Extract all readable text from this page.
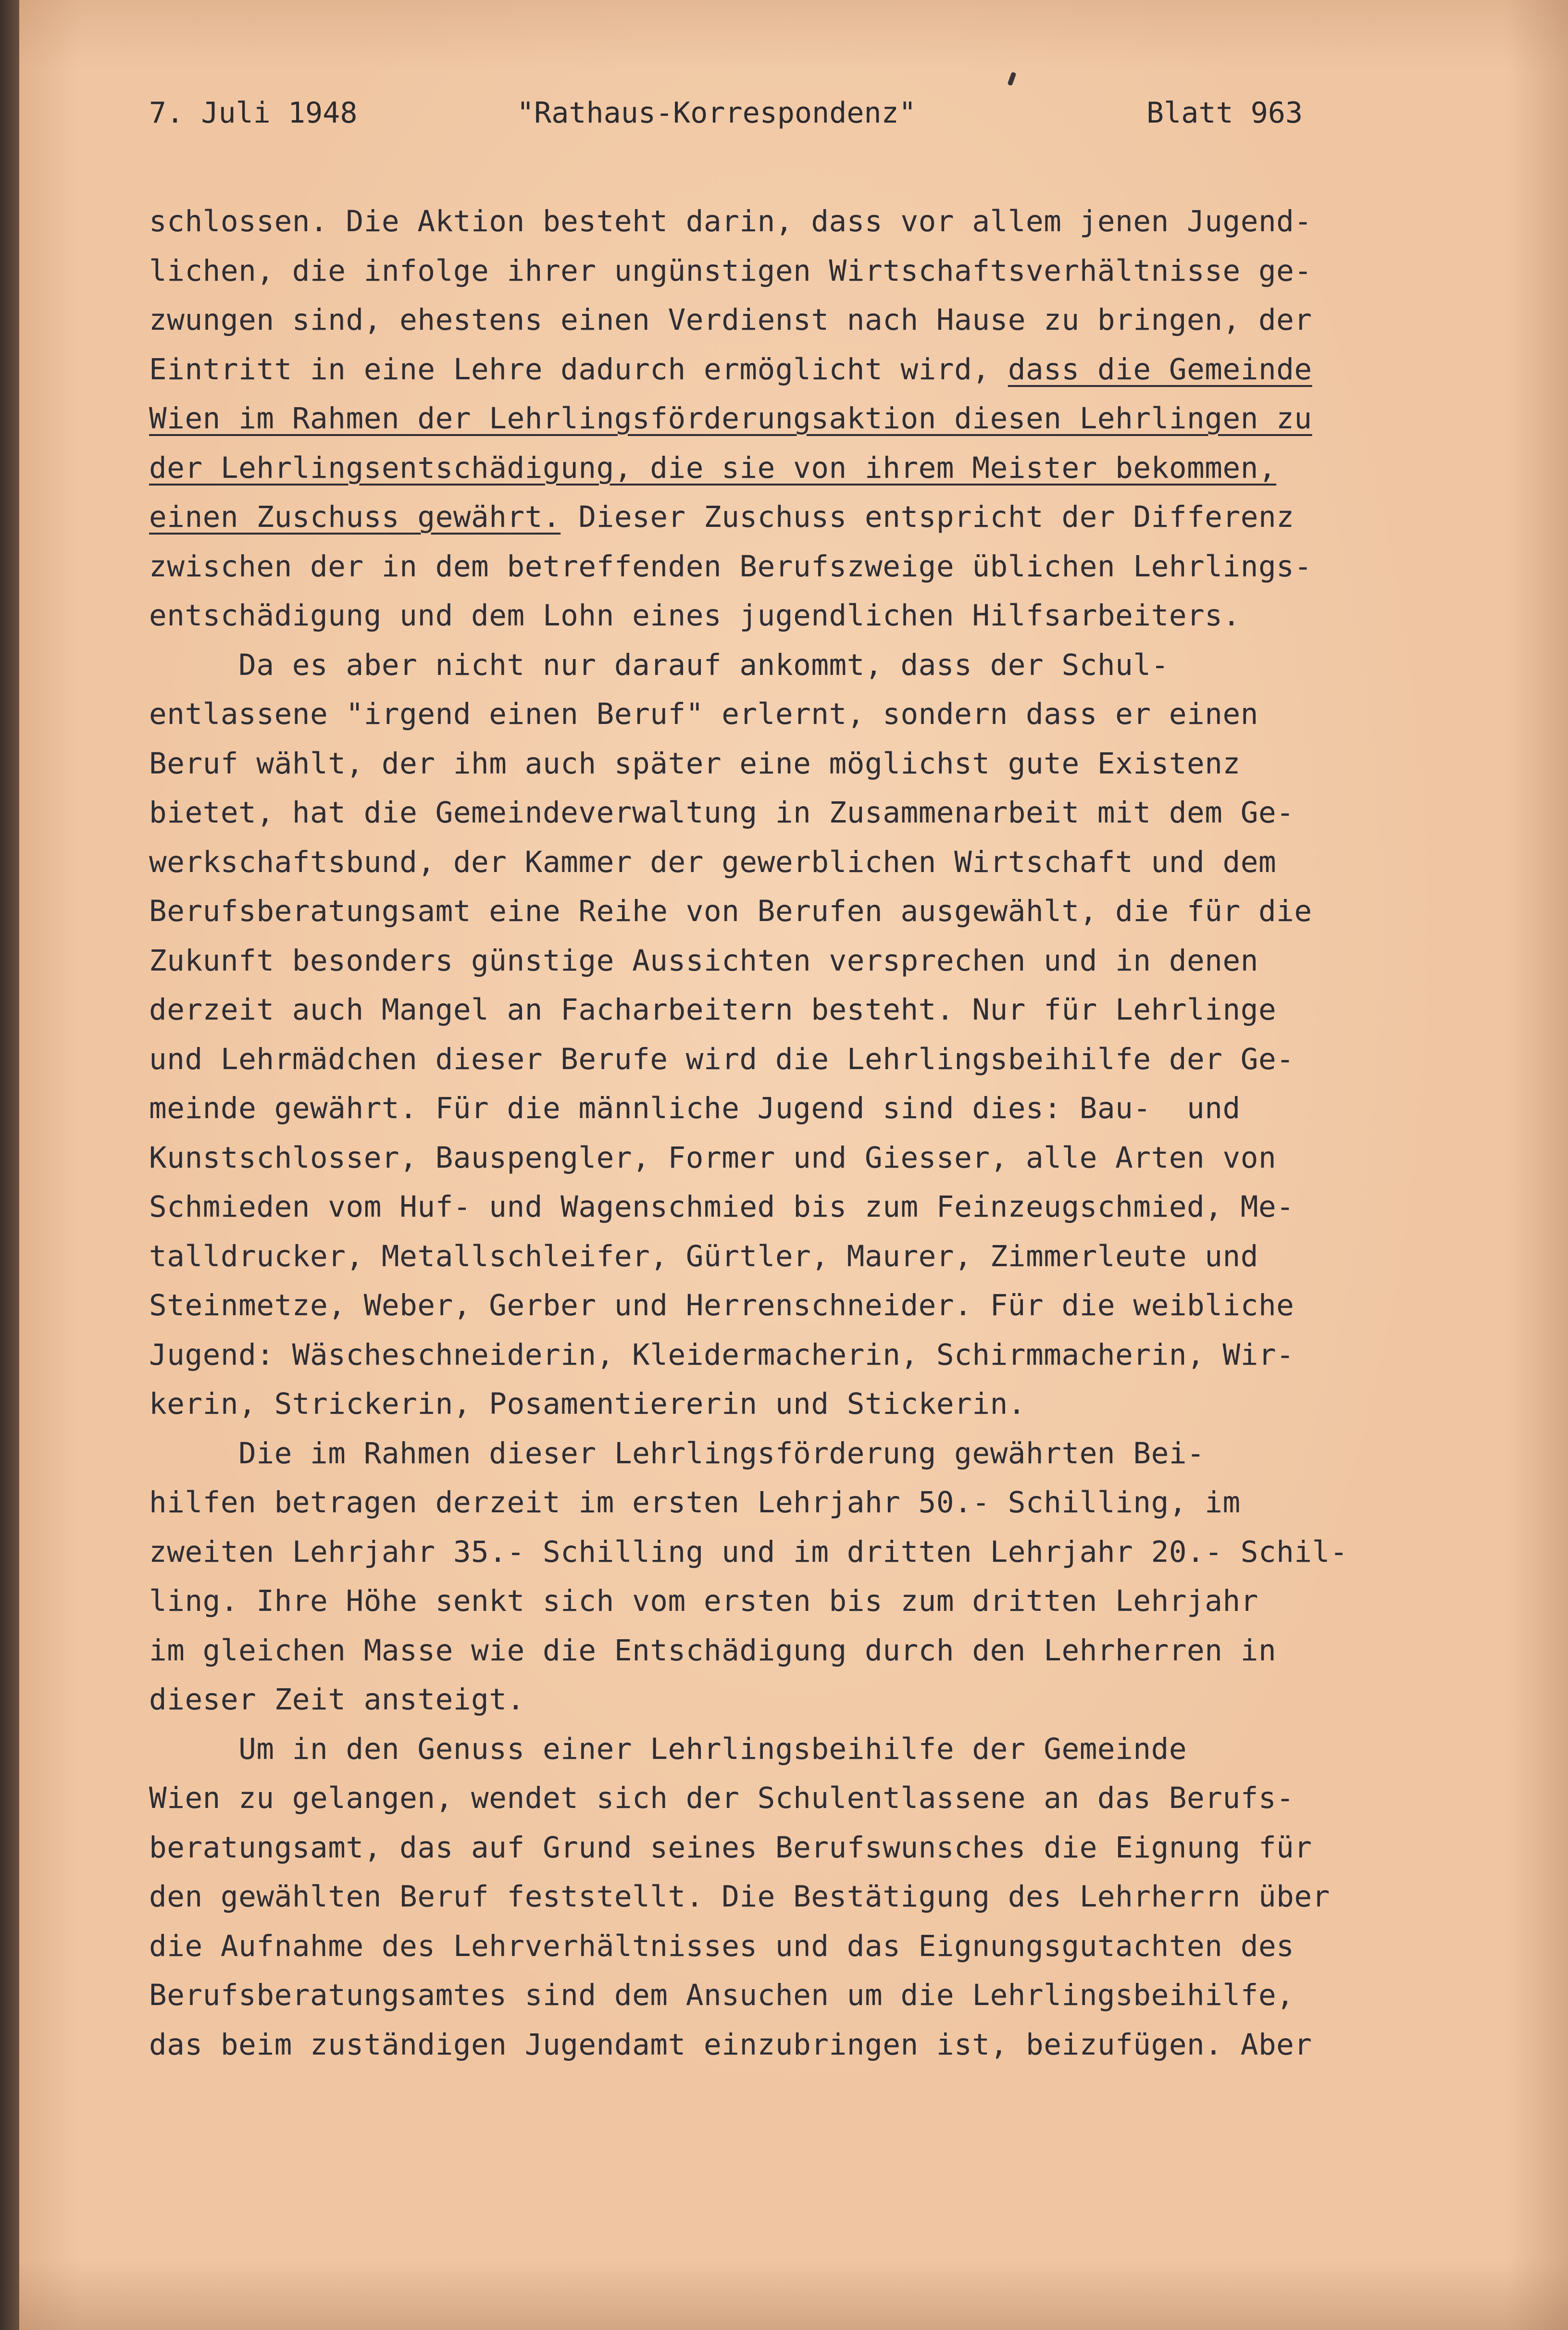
7. Juli 1948	"Rathaus-Korrespondenz"	Blatt 963
schlossen. Die Aktion besteht darin, dass vor allem jenen Jugend-
lichen, die infolge ihrer ungünstigen Wirtschaftsverhältnisse ge-
zwungen sind, ehestens einen Verdienst nach Hause zu bringen, der
Eintritt in eine Lehre dadurch ermöglicht wird, dass die Gemeinde
Wien im Rahmen der Lehrlingsförderungsaktion diesen Lehrlingen zu
der Lehrlingsentschädigung, die sie von ihrem Meister bekommen,
einen Zuschuss gewährt. Dieser Zuschuss entspricht der Differenz
zwischen der in dem betreffenden Berufszweige üblichen Lehrlings-
entschädigung und dem Lohn eines jugendlichen Hilfsarbeiters.
Da es aber nicht nur darauf ankommt, dass der Schul-
entlassene "irgend einen Beruf" erlernt, sondern dass er einen
Beruf wählt, der ihm auch später eine möglichst gute Existenz
bietet, hat die Gemeindeverwaltung in Zusammenarbeit mit dem Ge-
werkschaftsbund, der Kammer der gewerblichen Wirtschaft und dem
Berufsberatungsamt eine Reihe von Berufen ausgewählt, die für die
Zukunft besonders günstige Aussichten versprechen und in denen
derzeit auch Mangel an Facharbeitern besteht. Nur für Lehrlinge
und Lehrmädchen dieser Berufe wird die Lehrlingsbeihilfe der Ge-
meinde gewährt. Für die männliche Jugend sind dies: Bau-  und
Kunstschlosser, Bauspengler, Former und Giesser, alle Arten von
Schmieden vom Huf- und Wagenschmied bis zum Feinzeugschmied, Me-
talldrucker, Metallschleifer, Gürtler, Maurer, Zimmerleute und
Steinmetze, Weber, Gerber und Herrenschneider. Für die weibliche
Jugend: Wäscheschneiderin, Kleidermacherin, Schirmmacherin, Wir-
kerin, Strickerin, Posamentiererin und Stickerin.
Die im Rahmen dieser Lehrlingsförderung gewährten Bei-
hilfen betragen derzeit im ersten Lehrjahr 50.- Schilling, im
zweiten Lehrjahr 35.- Schilling und im dritten Lehrjahr 20.- Schil-
ling. Ihre Höhe senkt sich vom ersten bis zum dritten Lehrjahr
im gleichen Masse wie die Entschädigung durch den Lehrherren in
dieser Zeit ansteigt.
Um in den Genuss einer Lehrlingsbeihilfe der Gemeinde
Wien zu gelangen, wendet sich der Schulentlassene an das Berufs-
beratungsamt, das auf Grund seines Berufswunsches die Eignung für
den gewählten Beruf feststellt. Die Bestätigung des Lehrherrn über
die Aufnahme des Lehrverhältnisses und das Eignungsgutachten des
Berufsberatungsamtes sind dem Ansuchen um die Lehrlingsbeihilfe,
das beim zuständigen Jugendamt einzubringen ist, beizufügen. Aber
